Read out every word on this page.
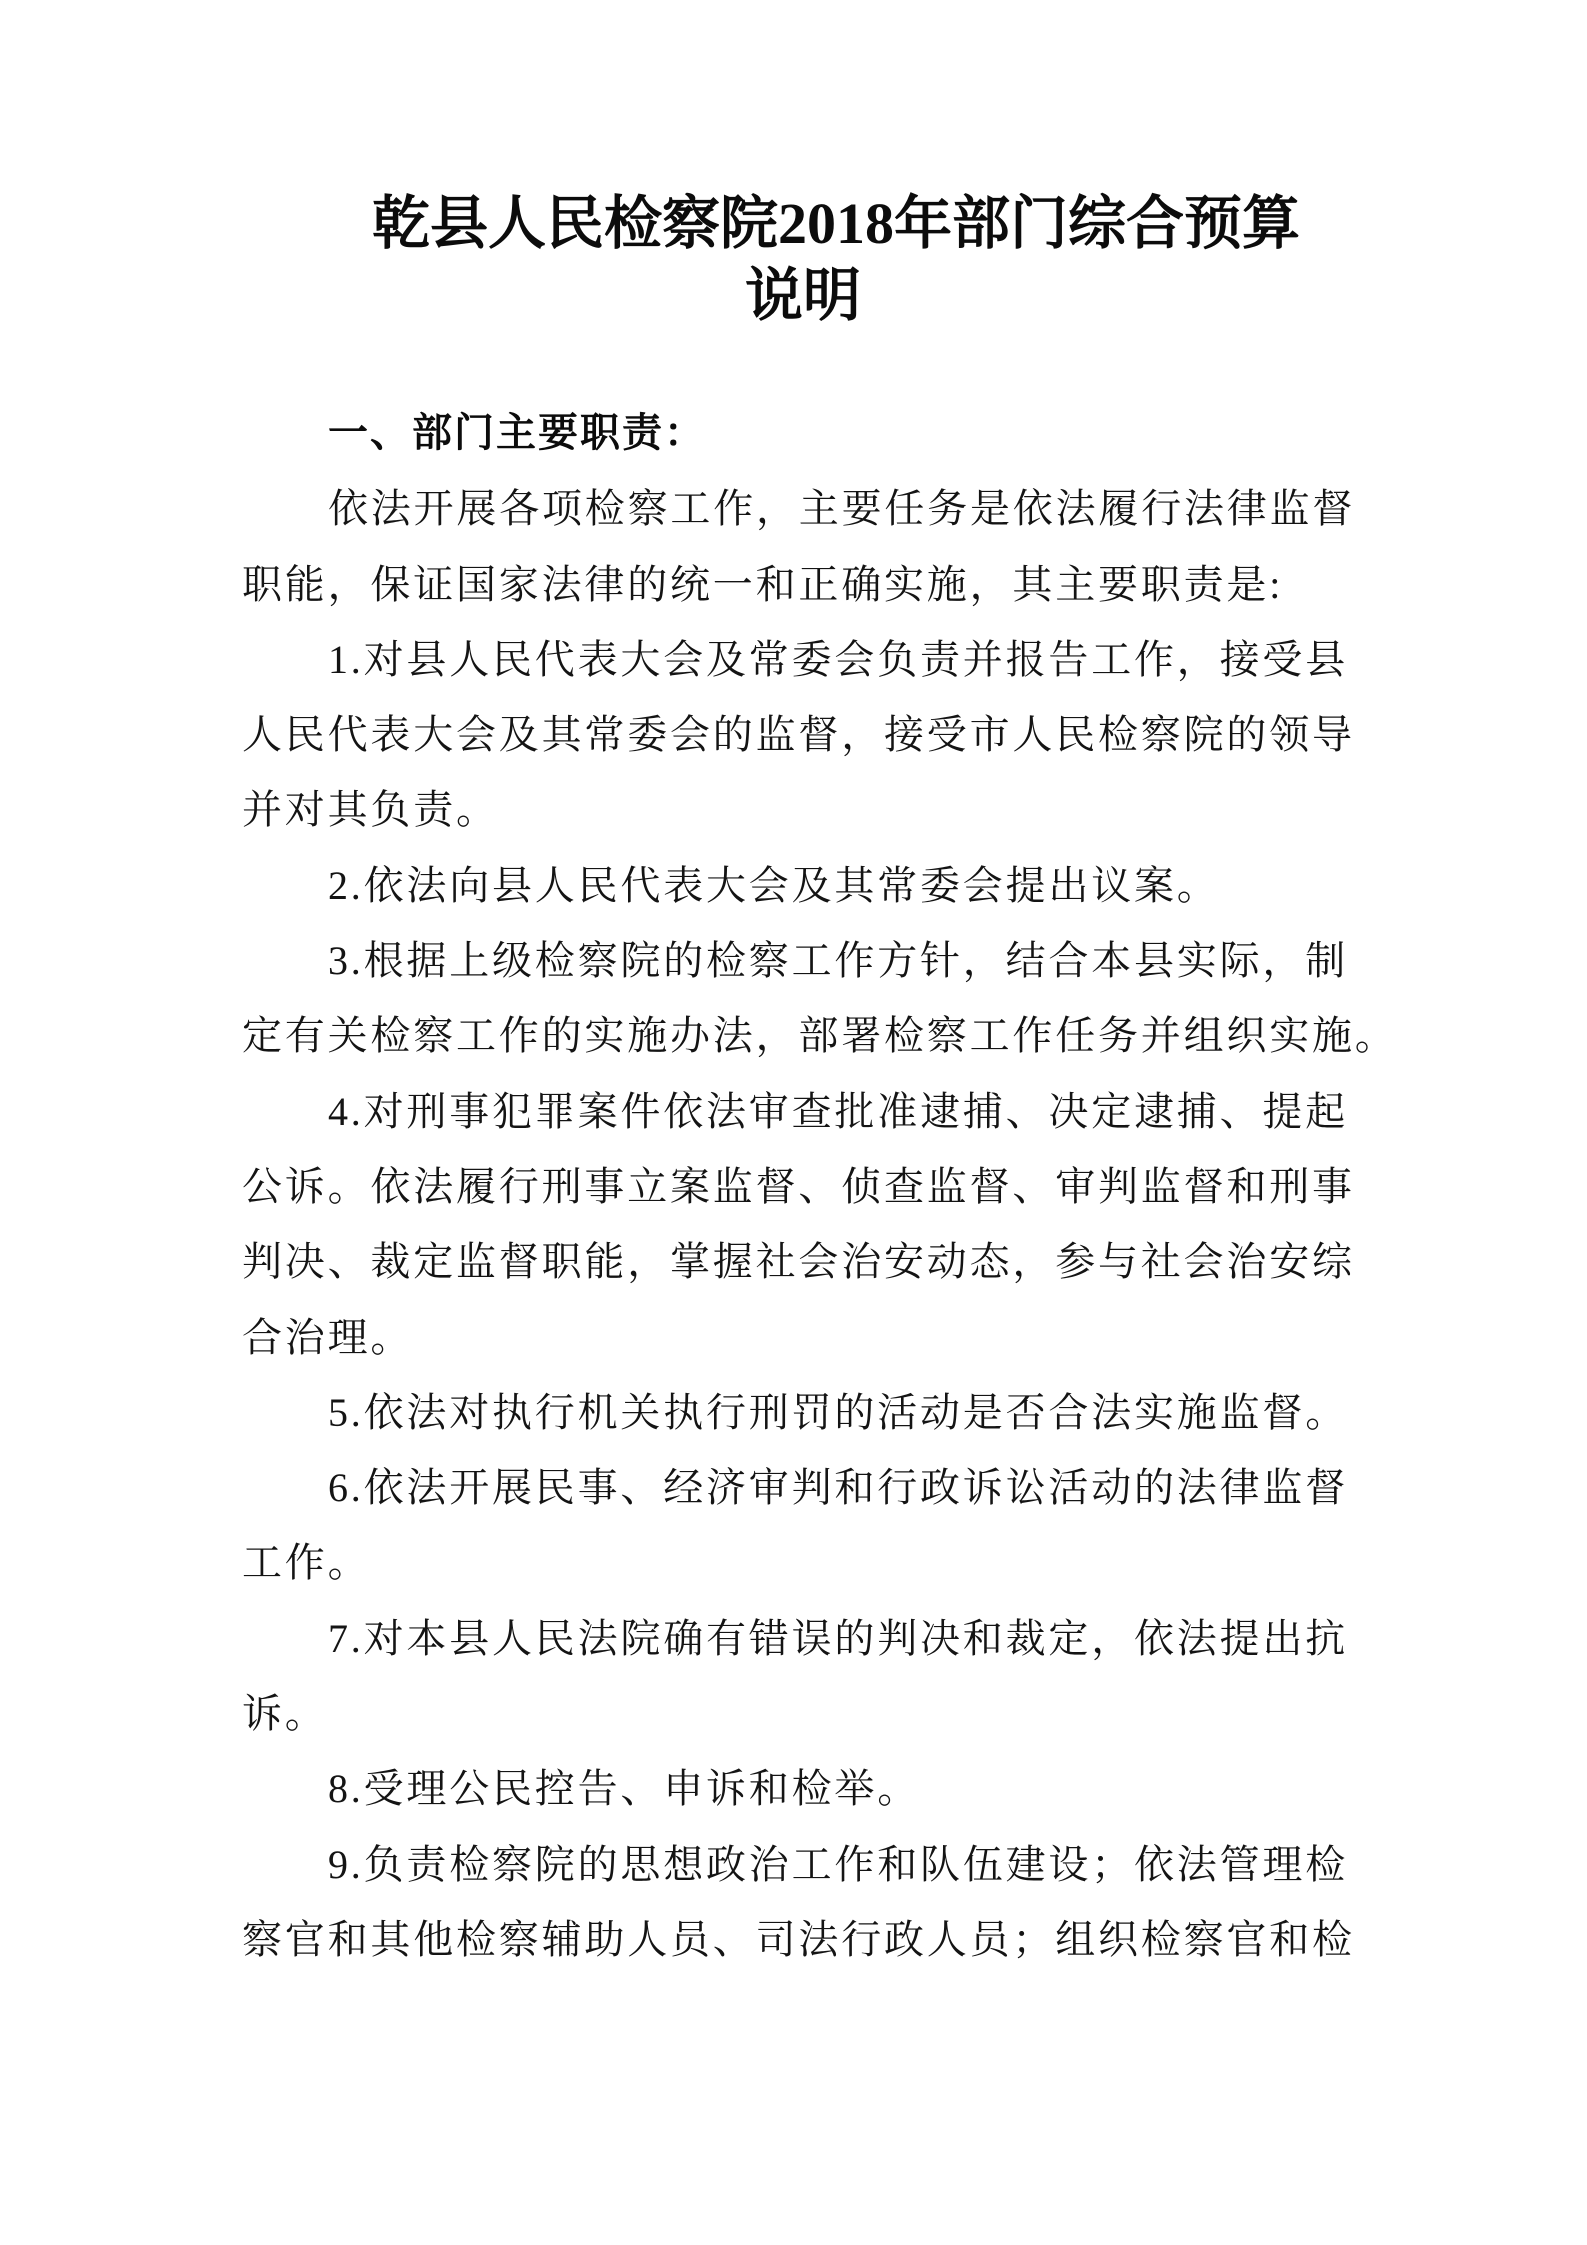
乾县人民检察院2018年部门综合预算
说明
一、部门主要职责：
依法开展各项检察工作，主要任务是依法履行法律监督
职能，保证国家法律的统一和正确实施，其主要职责是:
1.对县人民代表大会及常委会负责并报告工作，接受县
人民代表大会及其常委会的监督，接受市人民检察院的领导
并对其负责。
2.依法向县人民代表大会及其常委会提出议案。
3.根据上级检察院的检察工作方针，结合本县实际，制
定有关检察工作的实施办法，部署检察工作任务并组织实施。
4.对刑事犯罪案件依法审查批准逮捕、决定逮捕、提起
公诉。依法履行刑事立案监督、侦查监督、审判监督和刑事
判决、裁定监督职能，掌握社会治安动态，参与社会治安综
合治理。
5.依法对执行机关执行刑罚的活动是否合法实施监督。
6.依法开展民事、经济审判和行政诉讼活动的法律监督
工作。
7.对本县人民法院确有错误的判决和裁定，依法提出抗
诉。
8.受理公民控告、申诉和检举。
9.负责检察院的思想政治工作和队伍建设；依法管理检
察官和其他检察辅助人员、司法行政人员；组织检察官和检
